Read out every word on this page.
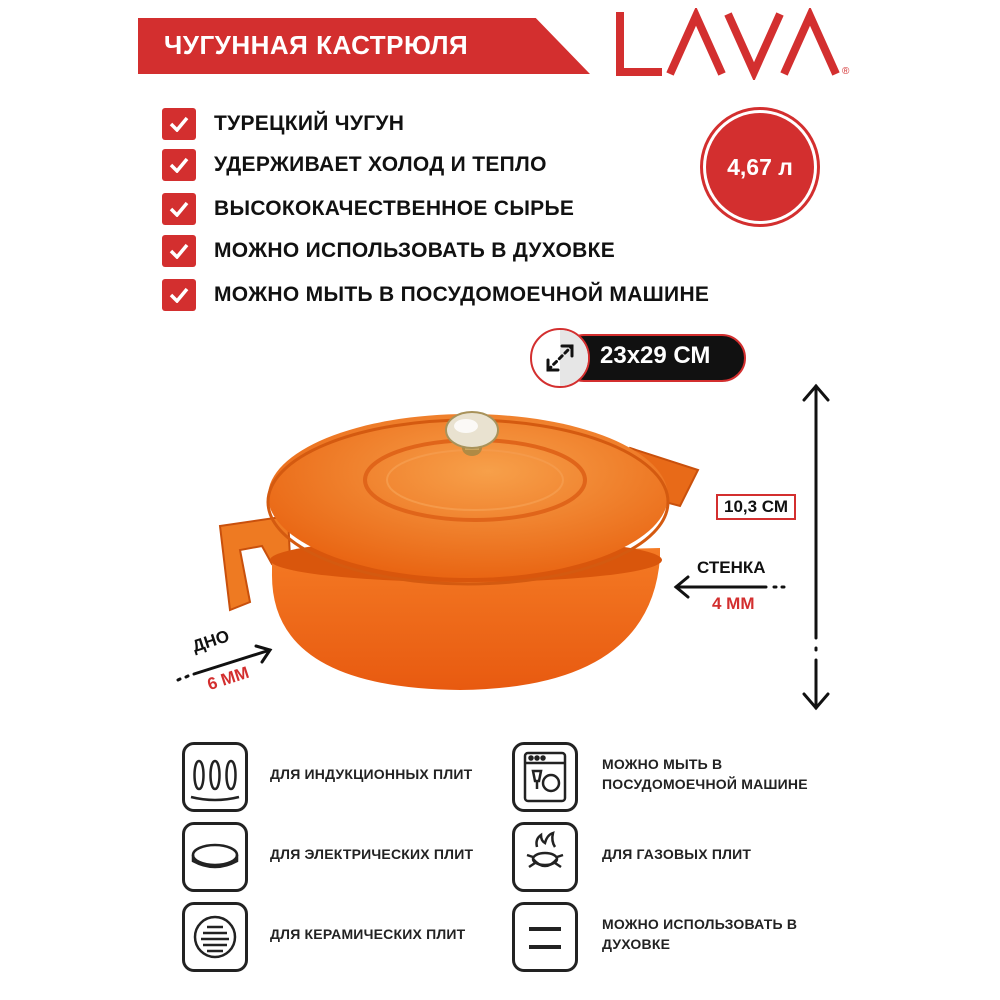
ЧУГУННАЯ КАСТРЮЛЯ
®
ТУРЕЦКИЙ ЧУГУН
УДЕРЖИВАЕТ ХОЛОД И ТЕПЛО
ВЫСОКОКАЧЕСТВЕННОЕ СЫРЬЕ
МОЖНО ИСПОЛЬЗОВАТЬ В ДУХОВКЕ
МОЖНО МЫТЬ В ПОСУДОМОЕЧНОЙ МАШИНЕ
4,67 л
23x29 СМ
10,3 СМ
СТЕНКА
4 ММ
ДНО
6 ММ
ДЛЯ ИНДУКЦИОННЫХ ПЛИТ
МОЖНО МЫТЬ В
ПОСУДОМОЕЧНОЙ МАШИНЕ
ДЛЯ ЭЛЕКТРИЧЕСКИХ ПЛИТ	ДЛЯ ГАЗОВЫХ ПЛИТ
ДЛЯ КЕРАМИЧЕСКИХ ПЛИТ
МОЖНО ИСПОЛЬЗОВАТЬ В
ДУХОВКЕ
